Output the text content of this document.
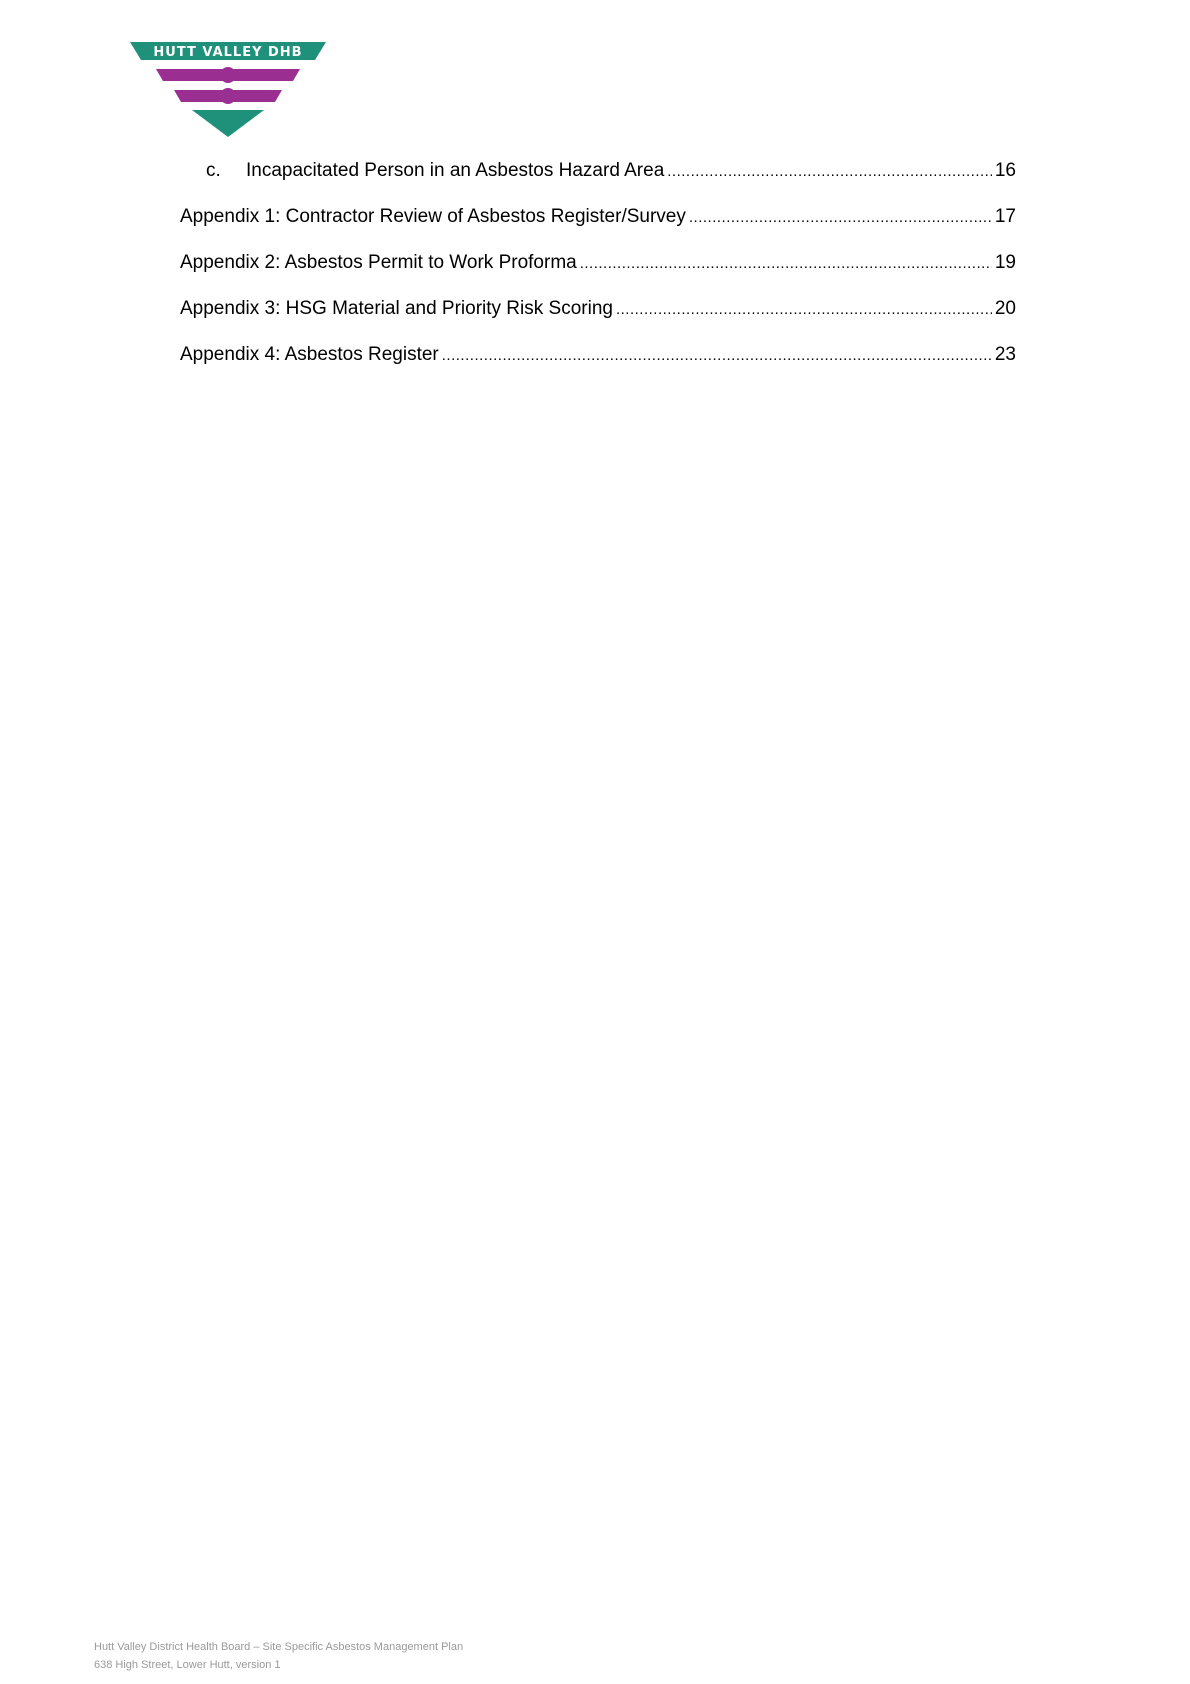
HUTT VALLEY DHB
c.	Incapacitated Person in an Asbestos Hazard Area .....	16
Appendix 1: Contractor Review of Asbestos Register/Survey .....	17
Appendix 2: Asbestos Permit to Work Proforma .....	19
Appendix 3: HSG Material and Priority Risk Scoring .....	20
Appendix 4: Asbestos Register .....	23
Hutt Valley District Health Board – Site Specific Asbestos Management Plan
638 High Street, Lower Hutt, version 1
